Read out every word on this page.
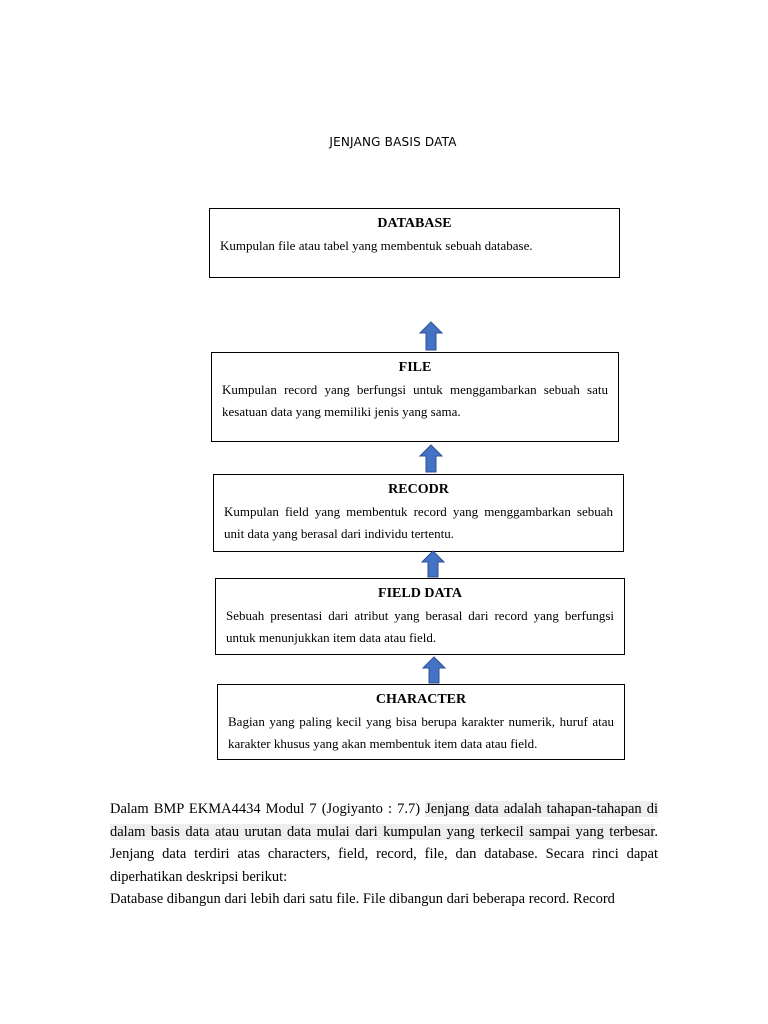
JENJANG BASIS DATA
DATABASE
Kumpulan file atau tabel yang membentuk sebuah database.
FILE
Kumpulan record yang berfungsi untuk menggambarkan sebuah satu kesatuan data yang memiliki jenis yang sama.
RECODR
Kumpulan field yang membentuk record yang menggambarkan sebuah unit data yang berasal dari individu tertentu.
FIELD DATA
Sebuah presentasi dari atribut yang berasal dari record yang berfungsi untuk menunjukkan item data atau field.
CHARACTER
Bagian yang paling kecil yang bisa berupa karakter numerik, huruf atau karakter khusus yang akan membentuk item data atau field.
Dalam BMP EKMA4434 Modul 7 (Jogiyanto : 7.7) Jenjang data adalah tahapan-tahapan di dalam basis data atau urutan data mulai dari kumpulan yang terkecil sampai yang terbesar. Jenjang data terdiri atas characters, field, record, file, dan database. Secara rinci dapat diperhatikan deskripsi berikut:
Database dibangun dari lebih dari satu file. File dibangun dari beberapa record. Record
